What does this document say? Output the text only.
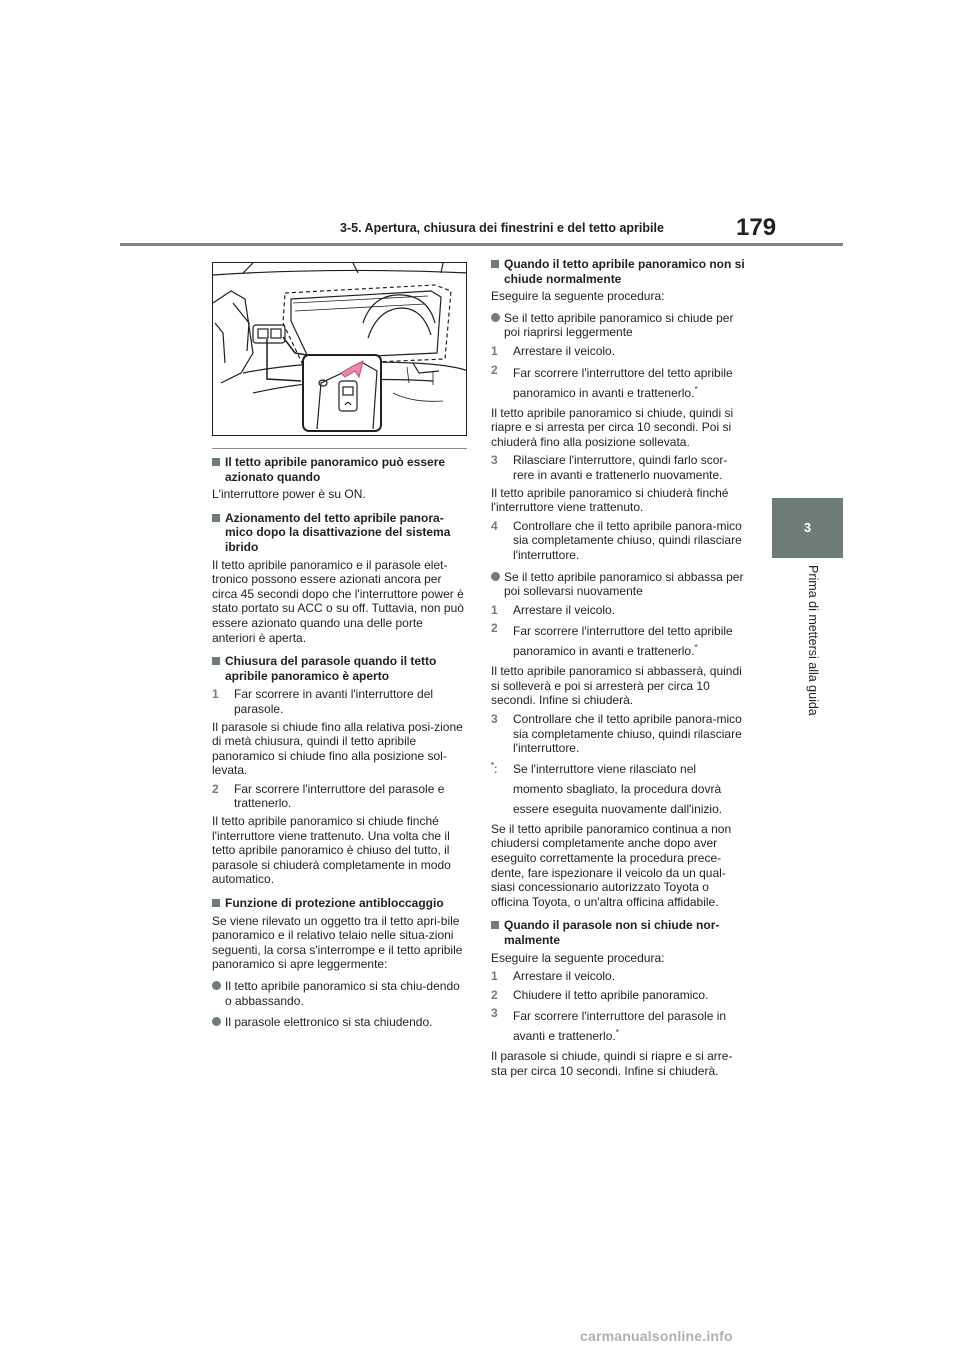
3-5. Apertura, chiusura dei finestrini e del tetto apribile	179
3
Prima di mettersi alla guida
Il tetto apribile panoramico può essere azionato quando
L'interruttore power è su ON.
Azionamento del tetto apribile panora-mico dopo la disattivazione del sistema ibrido
Il tetto apribile panoramico e il parasole elet-tronico possono essere azionati ancora per circa 45 secondi dopo che l'interruttore power è stato portato su ACC o su off. Tuttavia, non può essere azionato quando una delle porte anteriori è aperta.
Chiusura del parasole quando il tetto apribile panoramico è aperto
1 Far scorrere in avanti l'interruttore del parasole.
Il parasole si chiude fino alla relativa posi-zione di metà chiusura, quindi il tetto apribile panoramico si chiude fino alla posizione sol-levata.
2 Far scorrere l'interruttore del parasole e trattenerlo.
Il tetto apribile panoramico si chiude finché l'interruttore viene trattenuto. Una volta che il tetto apribile panoramico è chiuso del tutto, il parasole si chiuderà completamente in modo automatico.
Funzione di protezione antibloccaggio
Se viene rilevato un oggetto tra il tetto apri-bile panoramico e il relativo telaio nelle situa-zioni seguenti, la corsa s'interrompe e il tetto apribile panoramico si apre leggermente:
Il tetto apribile panoramico si sta chiu-dendo o abbassando.
Il parasole elettronico si sta chiudendo.
Quando il tetto apribile panoramico non si chiude normalmente
Eseguire la seguente procedura:
Se il tetto apribile panoramico si chiude per poi riaprirsi leggermente
1 Arrestare il veicolo.
2 Far scorrere l'interruttore del tetto apribile panoramico in avanti e trattenerlo.*
Il tetto apribile panoramico si chiude, quindi si riapre e si arresta per circa 10 secondi. Poi si chiuderà fino alla posizione sollevata.
3 Rilasciare l'interruttore, quindi farlo scor-rere in avanti e trattenerlo nuovamente.
Il tetto apribile panoramico si chiuderà finché l'interruttore viene trattenuto.
4 Controllare che il tetto apribile panora-mico sia completamente chiuso, quindi rilasciare l'interruttore.
Se il tetto apribile panoramico si abbassa per poi sollevarsi nuovamente
1 Arrestare il veicolo.
2 Far scorrere l'interruttore del tetto apribile panoramico in avanti e trattenerlo.*
Il tetto apribile panoramico si abbasserà, quindi si solleverà e poi si arresterà per circa 10 secondi. Infine si chiuderà.
3 Controllare che il tetto apribile panora-mico sia completamente chiuso, quindi rilasciare l'interruttore.
*: Se l'interruttore viene rilasciato nel momento sbagliato, la procedura dovrà essere eseguita nuovamente dall'inizio.
Se il tetto apribile panoramico continua a non chiudersi completamente anche dopo aver eseguito correttamente la procedura prece-dente, fare ispezionare il veicolo da un qual-siasi concessionario autorizzato Toyota o officina Toyota, o un'altra officina affidabile.
Quando il parasole non si chiude nor-malmente
Eseguire la seguente procedura:
1 Arrestare il veicolo.
2 Chiudere il tetto apribile panoramico.
3 Far scorrere l'interruttore del parasole in avanti e trattenerlo.*
Il parasole si chiude, quindi si riapre e si arre-sta per circa 10 secondi. Infine si chiuderà.
carmanualsonline.info
